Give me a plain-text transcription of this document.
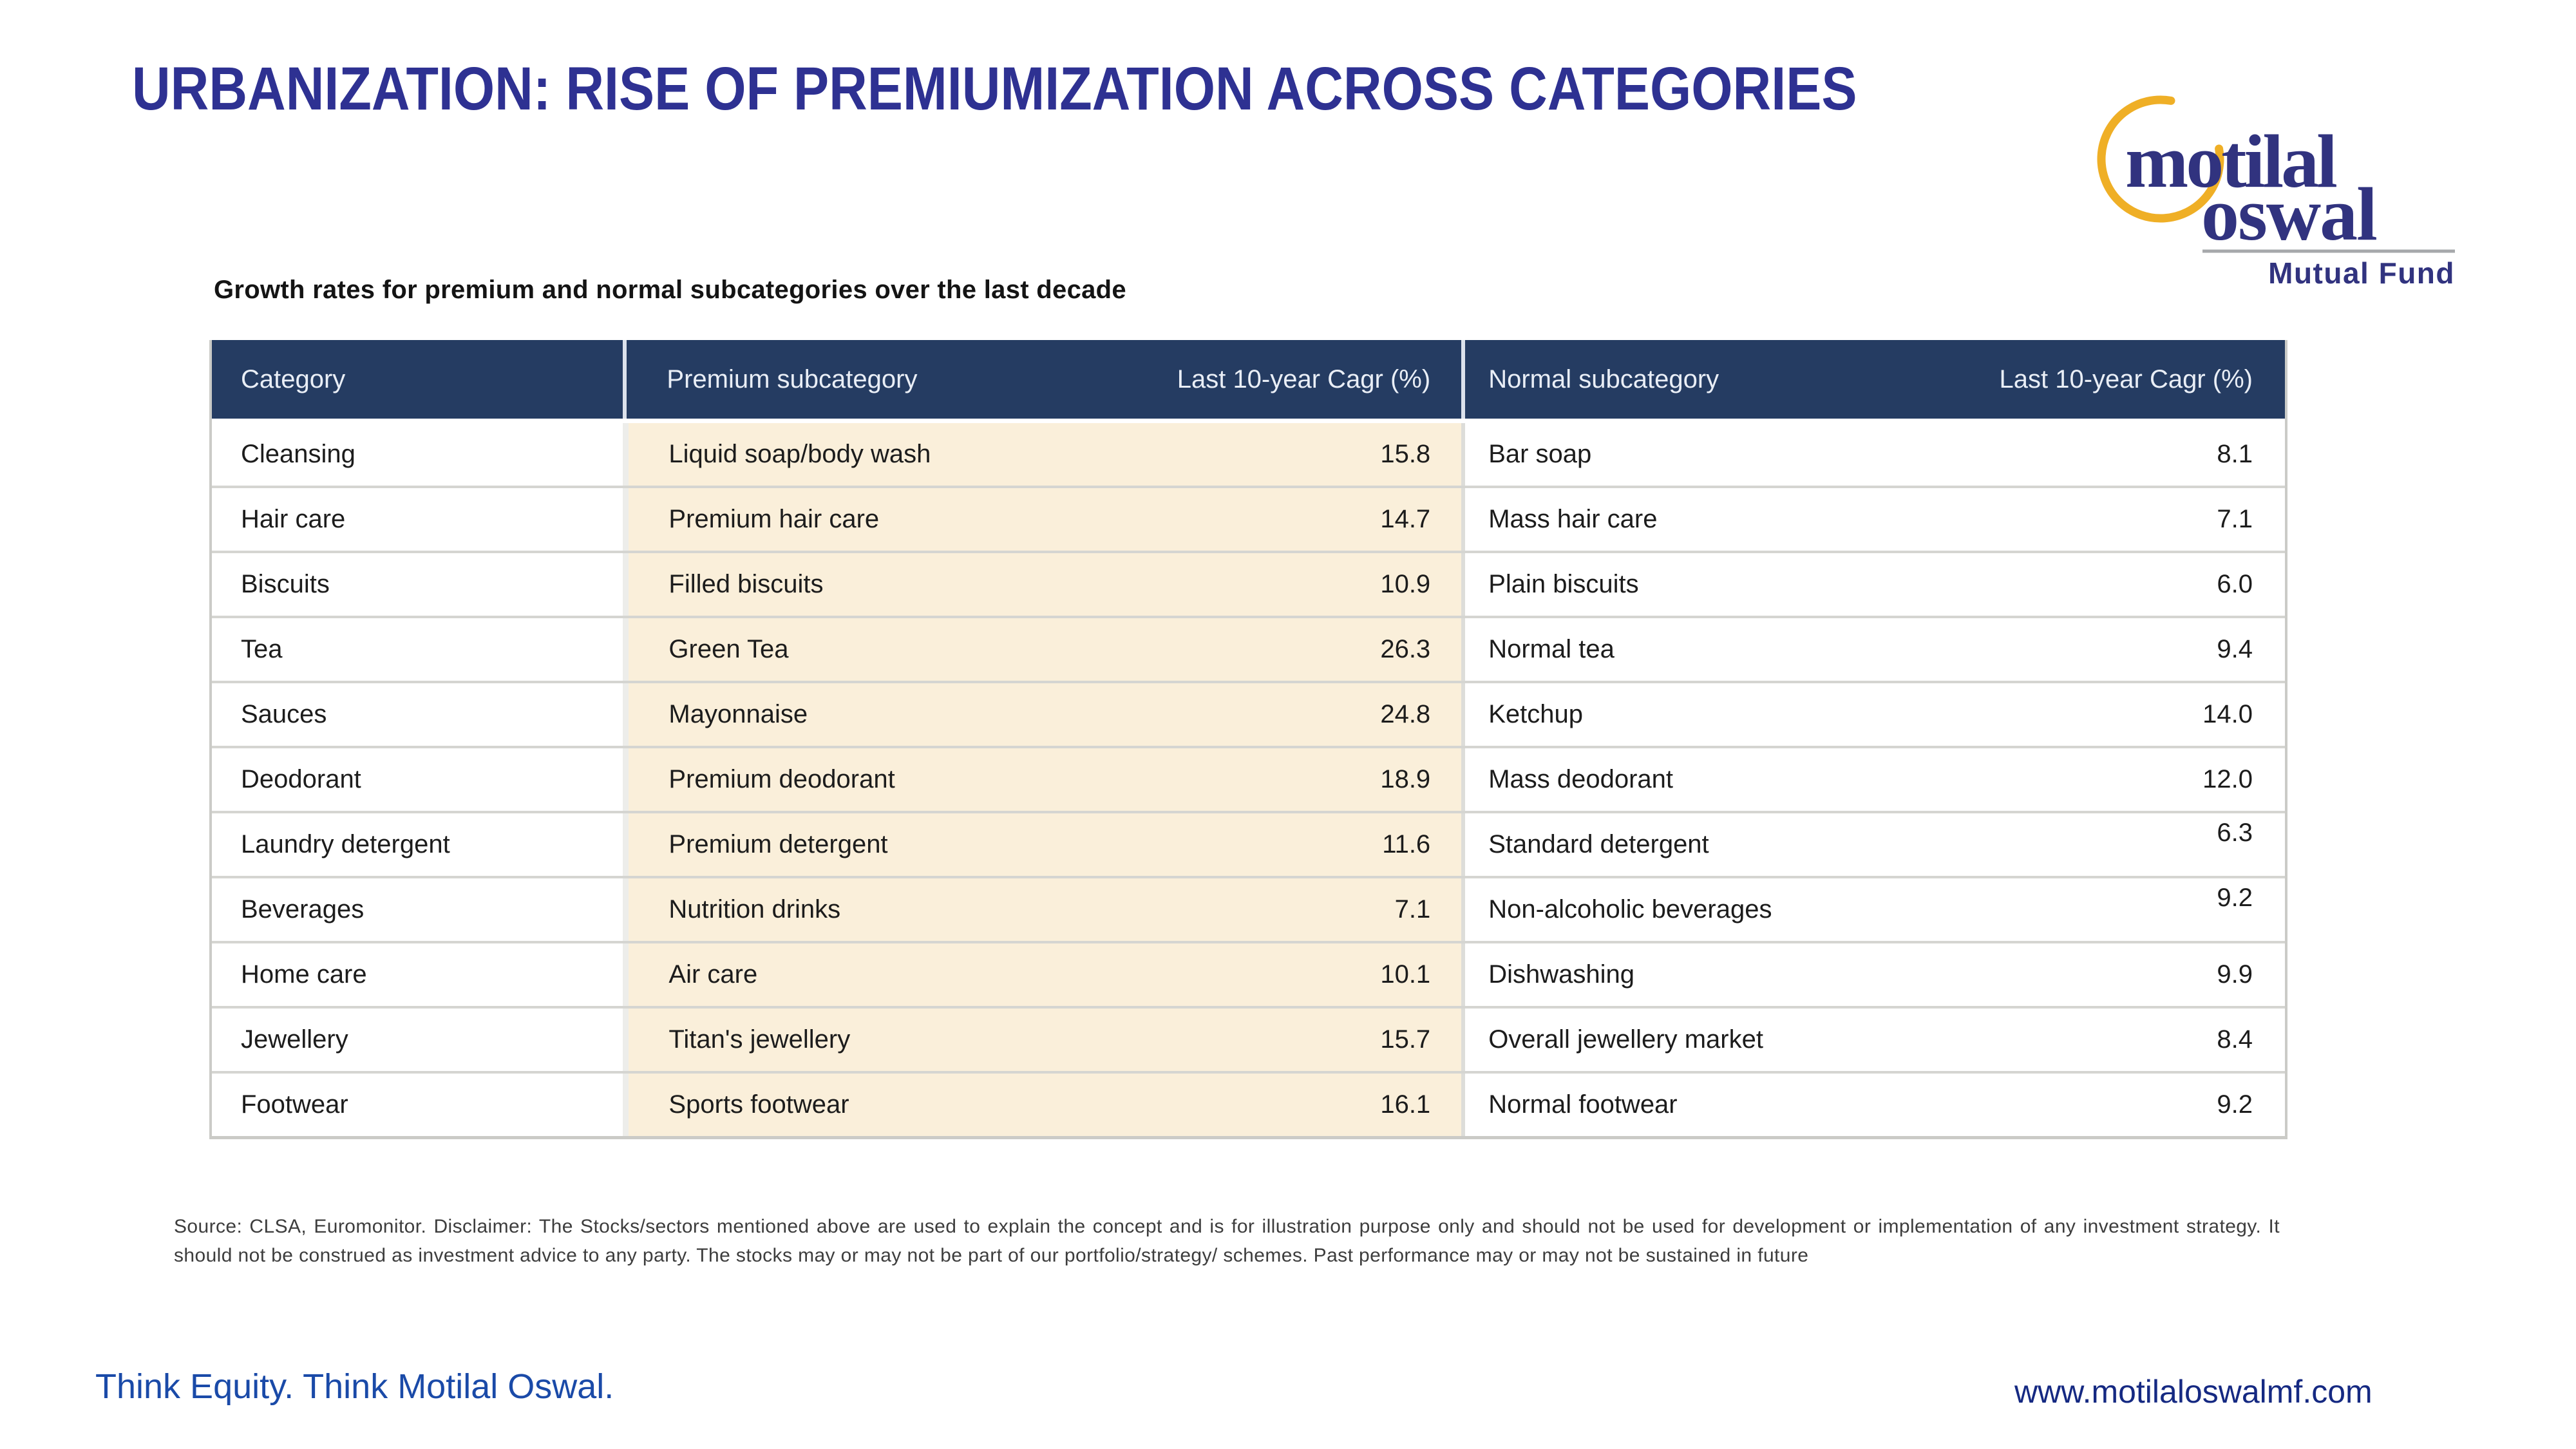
URBANIZATION: RISE OF PREMIUMIZATION ACROSS CATEGORIES
motilal
oswal
Mutual Fund
Growth rates for premium and normal subcategories over the last decade
Category	Premium subcategory	Last 10-year Cagr (%)	Normal subcategory	Last 10-year Cagr (%)
Cleansing	Liquid soap/body wash	15.8	Bar soap	8.1
Hair care	Premium hair care	14.7	Mass hair care	7.1
Biscuits	Filled biscuits	10.9	Plain biscuits	6.0
Tea	Green Tea	26.3	Normal tea	9.4
Sauces	Mayonnaise	24.8	Ketchup	14.0
Deodorant	Premium deodorant	18.9	Mass deodorant	12.0
Laundry detergent	Premium detergent	11.6	Standard detergent	6.3
Beverages	Nutrition drinks	7.1	Non-alcoholic beverages	9.2
Home care	Air care	10.1	Dishwashing	9.9
Jewellery	Titan's jewellery	15.7	Overall jewellery market	8.4
Footwear	Sports footwear	16.1	Normal footwear	9.2
Source: CLSA, Euromonitor. Disclaimer: The Stocks/sectors mentioned above are used to explain the concept and is for illustration purpose only and should not be used for development or implementation of any investment strategy. It should not be construed as investment advice to any party. The stocks may or may not be part of our portfolio/strategy/ schemes. Past performance may or may not be sustained in future
Think Equity. Think Motilal Oswal.	www.motilaloswalmf.com
